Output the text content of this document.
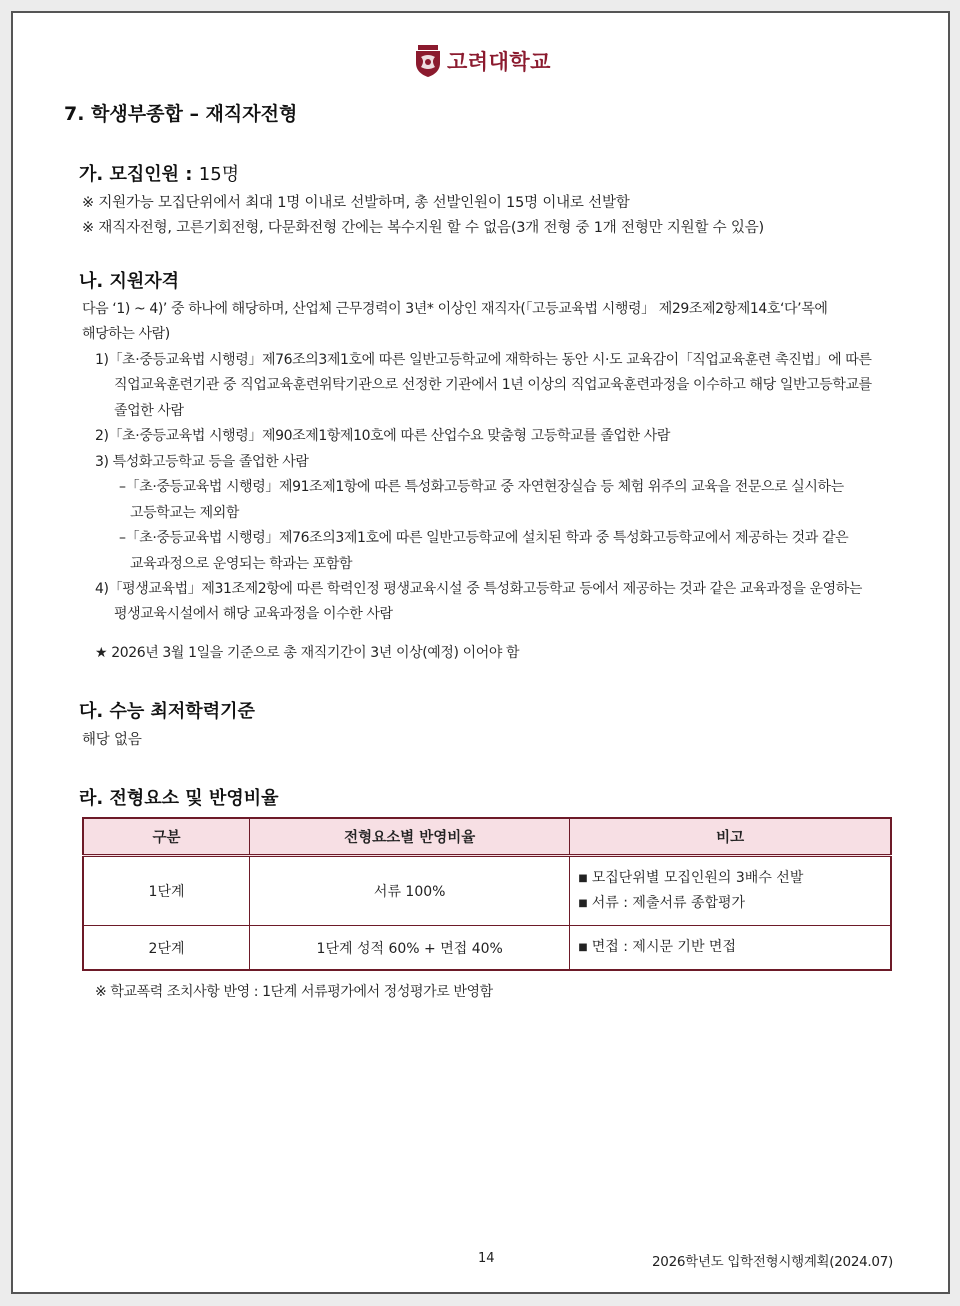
고려대학교
7. 학생부종합 – 재직자전형
가. 모집인원 : 15명
※ 지원가능 모집단위에서 최대 1명 이내로 선발하며, 총 선발인원이 15명 이내로 선발함
※ 재직자전형, 고른기회전형, 다문화전형 간에는 복수지원 할 수 없음(3개 전형 중 1개 전형만 지원할 수 있음)
나. 지원자격
다음 ‘1) ~ 4)’ 중 하나에 해당하며, 산업체 근무경력이 3년* 이상인 재직자(「고등교육법 시행령」 제29조제2항제14호‘다’목에
해당하는 사람)
1)「초·중등교육법 시행령」제76조의3제1호에 따른 일반고등학교에 재학하는 동안 시·도 교육감이「직업교육훈련 촉진법」에 따른
직업교육훈련기관 중 직업교육훈련위탁기관으로 선정한 기관에서 1년 이상의 직업교육훈련과정을 이수하고 해당 일반고등학교를
졸업한 사람
2)「초·중등교육법 시행령」제90조제1항제10호에 따른 산업수요 맞춤형 고등학교를 졸업한 사람
3) 특성화고등학교 등을 졸업한 사람
–「초·중등교육법 시행령」제91조제1항에 따른 특성화고등학교 중 자연현장실습 등 체험 위주의 교육을 전문으로 실시하는
고등학교는 제외함
–「초·중등교육법 시행령」제76조의3제1호에 따른 일반고등학교에 설치된 학과 중 특성화고등학교에서 제공하는 것과 같은
교육과정으로 운영되는 학과는 포함함
4)「평생교육법」제31조제2항에 따른 학력인정 평생교육시설 중 특성화고등학교 등에서 제공하는 것과 같은 교육과정을 운영하는
평생교육시설에서 해당 교육과정을 이수한 사람
★ 2026년 3월 1일을 기준으로 총 재직기간이 3년 이상(예정) 이어야 함
다. 수능 최저학력기준
해당 없음
라. 전형요소 및 반영비율
구분	전형요소별 반영비율	비고
1단계	서류 100%	■ 모집단위별 모집인원의 3배수 선발
■ 서류 : 제출서류 종합평가

2단계	1단계 성적 60% + 면접 40%	■ 면접 : 제시문 기반 면접
※ 학교폭력 조치사항 반영 : 1단계 서류평가에서 정성평가로 반영함
14	2026학년도 입학전형시행계획(2024.07)
